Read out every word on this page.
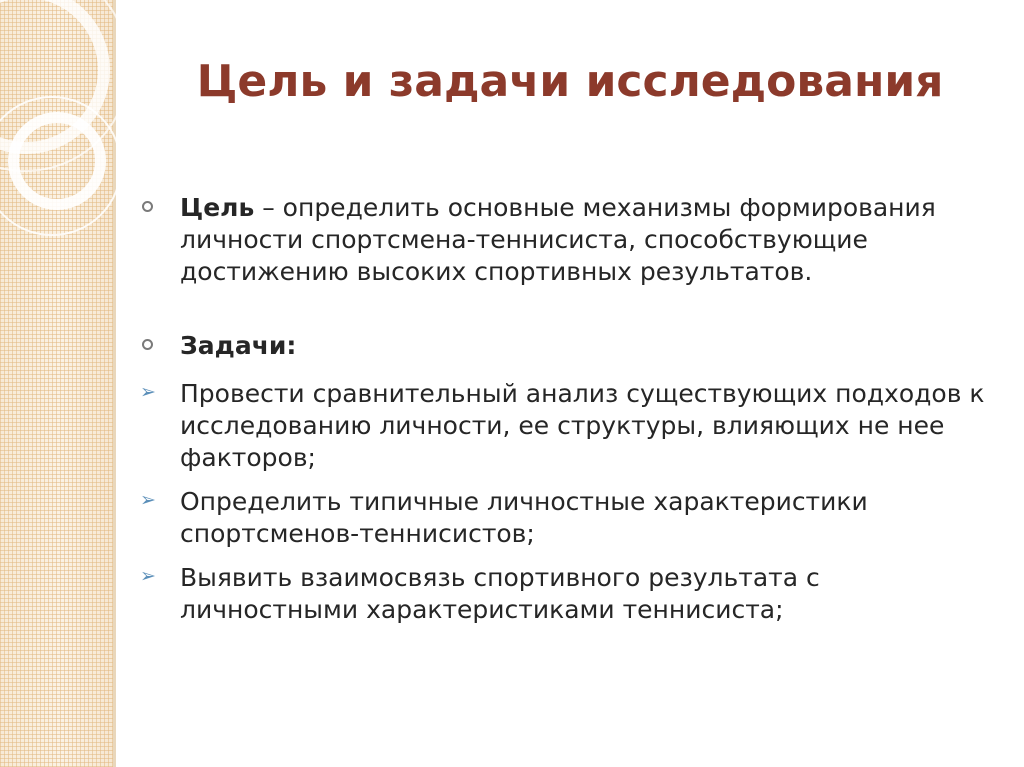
Цель и задачи исследования
Цель – определить основные механизмы формирования личности спортсмена-теннисиста, способствующие достижению высоких спортивных результатов.
Задачи:
➢ Провести сравнительный анализ существующих подходов к исследованию личности, ее структуры, влияющих не нее факторов;
➢ Определить типичные личностные характеристики спортсменов-теннисистов;
➢ Выявить взаимосвязь спортивного результата с личностными характеристиками теннисиста;
